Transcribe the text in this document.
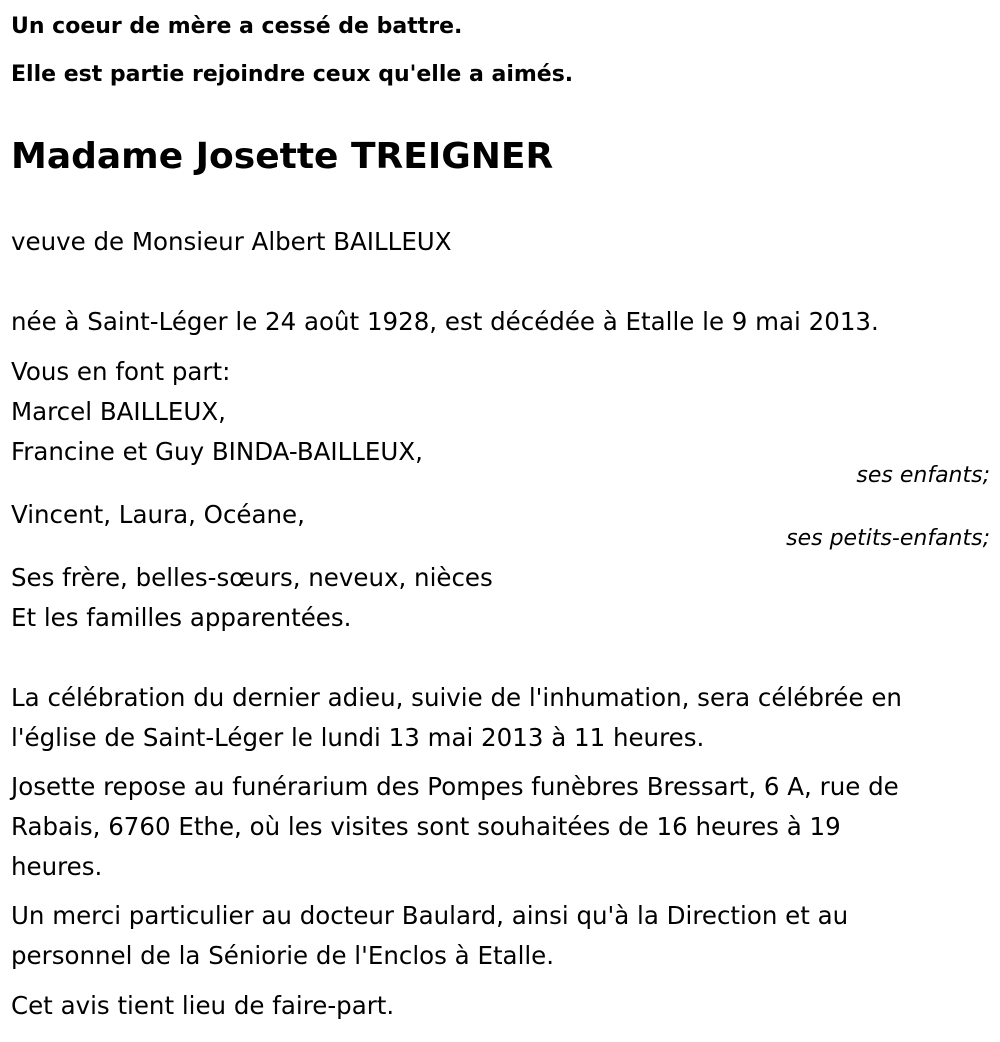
Un coeur de mère a cessé de battre.
Elle est partie rejoindre ceux qu'elle a aimés.
Madame Josette TREIGNER
veuve de Monsieur Albert BAILLEUX
née à Saint-Léger le 24 août 1928, est décédée à Etalle le 9 mai 2013.
Vous en font part:
Marcel BAILLEUX,
Francine et Guy BINDA-BAILLEUX,
ses enfants;
Vincent, Laura, Océane,
ses petits-enfants;
Ses frère, belles-sœurs, neveux, nièces
Et les familles apparentées.
La célébration du dernier adieu, suivie de l'inhumation, sera célébrée en
l'église de Saint-Léger le lundi 13 mai 2013 à 11 heures.
Josette repose au funérarium des Pompes funèbres Bressart, 6 A, rue de
Rabais, 6760 Ethe, où les visites sont souhaitées de 16 heures à 19
heures.
Un merci particulier au docteur Baulard, ainsi qu'à la Direction et au
personnel de la Séniorie de l'Enclos à Etalle.
Cet avis tient lieu de faire-part.
